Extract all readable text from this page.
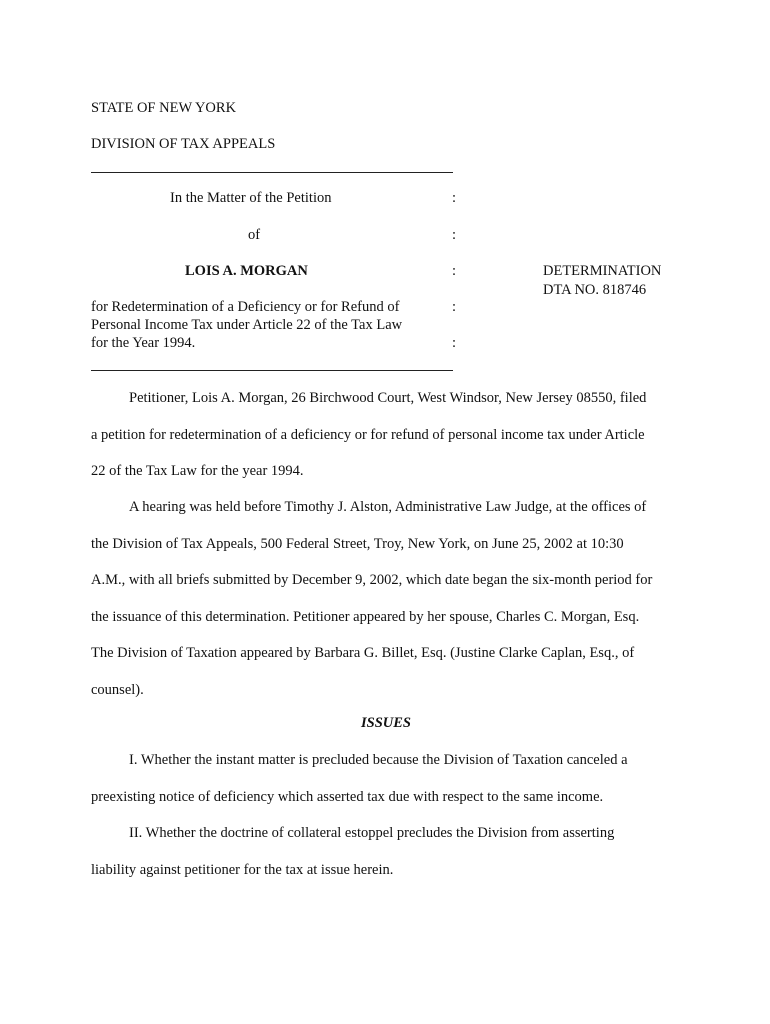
STATE OF NEW YORK
DIVISION OF TAX APPEALS
In the Matter of the Petition	:
of	:
LOIS A. MORGAN	:	DETERMINATION
DTA NO. 818746
for Redetermination of a Deficiency or for Refund of	:
Personal Income Tax under Article 22 of the Tax Law
for the Year 1994.	:

Petitioner, Lois A. Morgan, 26 Birchwood Court, West Windsor, New Jersey 08550, filed

a petition for redetermination of a deficiency or for refund of personal income tax under Article

22 of the Tax Law for the year 1994.

A hearing was held before Timothy J. Alston, Administrative Law Judge, at the offices of

the Division of Tax Appeals, 500 Federal Street, Troy, New York, on June 25, 2002 at 10:30

A.M., with all briefs submitted by December 9, 2002, which date began the six-month period for

the issuance of this determination. Petitioner appeared by her spouse, Charles C. Morgan, Esq.

The Division of Taxation appeared by Barbara G. Billet, Esq. (Justine Clarke Caplan, Esq., of

counsel).

ISSUES

I. Whether the instant matter is precluded because the Division of Taxation canceled a

preexisting notice of deficiency which asserted tax due with respect to the same income.

II. Whether the doctrine of collateral estoppel precludes the Division from asserting

liability against petitioner for the tax at issue herein.
